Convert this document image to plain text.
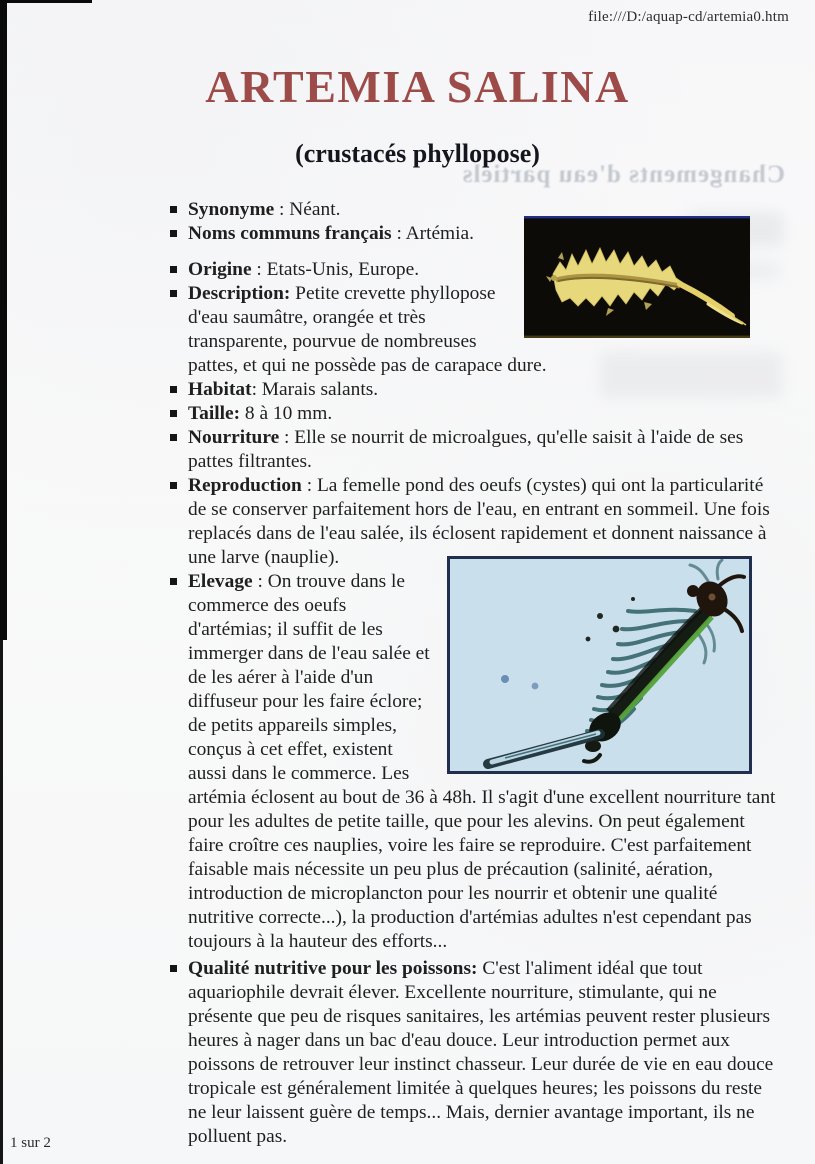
file:///D:/aquap-cd/artemia0.htm
ARTEMIA SALINA
Changements d'eau partiels
(crustacés phyllopose)
Synonyme : Néant.
Noms communs français : Artémia.
Origine : Etats-Unis, Europe.
Description: Petite crevette phyllopose d'eau saumâtre, orangée et très transparente, pourvue de nombreuses pattes, et qui ne possède pas de carapace dure.
Habitat: Marais salants.
Taille: 8 à 10 mm.
Nourriture : Elle se nourrit de microalgues, qu'elle saisit à l'aide de ses pattes filtrantes.
Reproduction : La femelle pond des oeufs (cystes) qui ont la particularité de se conserver parfaitement hors de l'eau, en entrant en sommeil. Une fois replacés dans de l'eau salée, ils éclosent rapidement et donnent naissance à une larve (nauplie).
Elevage : On trouve dans le commerce des oeufs d'artémias; il suffit de les immerger dans de l'eau salée et de les aérer à l'aide d'un diffuseur pour les faire éclore; de petits appareils simples, conçus à cet effet, existent aussi dans le commerce. Les artémia éclosent au bout de 36 à 48h. Il s'agit d'une excellent nourriture tant pour les adultes de petite taille, que pour les alevins. On peut également faire croître ces nauplies, voire les faire se reproduire. C'est parfaitement faisable mais nécessite un peu plus de précaution (salinité, aération, introduction de microplancton pour les nourrir et obtenir une qualité nutritive correcte...), la production d'artémias adultes n'est cependant pas toujours à la hauteur des efforts...
Qualité nutritive pour les poissons: C'est l'aliment idéal que tout aquariophile devrait élever. Excellente nourriture, stimulante, qui ne présente que peu de risques sanitaires, les artémias peuvent rester plusieurs heures à nager dans un bac d'eau douce. Leur introduction permet aux poissons de retrouver leur instinct chasseur. Leur durée de vie en eau douce tropicale est généralement limitée à quelques heures; les poissons du reste ne leur laissent guère de temps... Mais, dernier avantage important, ils ne polluent pas.
1 sur 2
